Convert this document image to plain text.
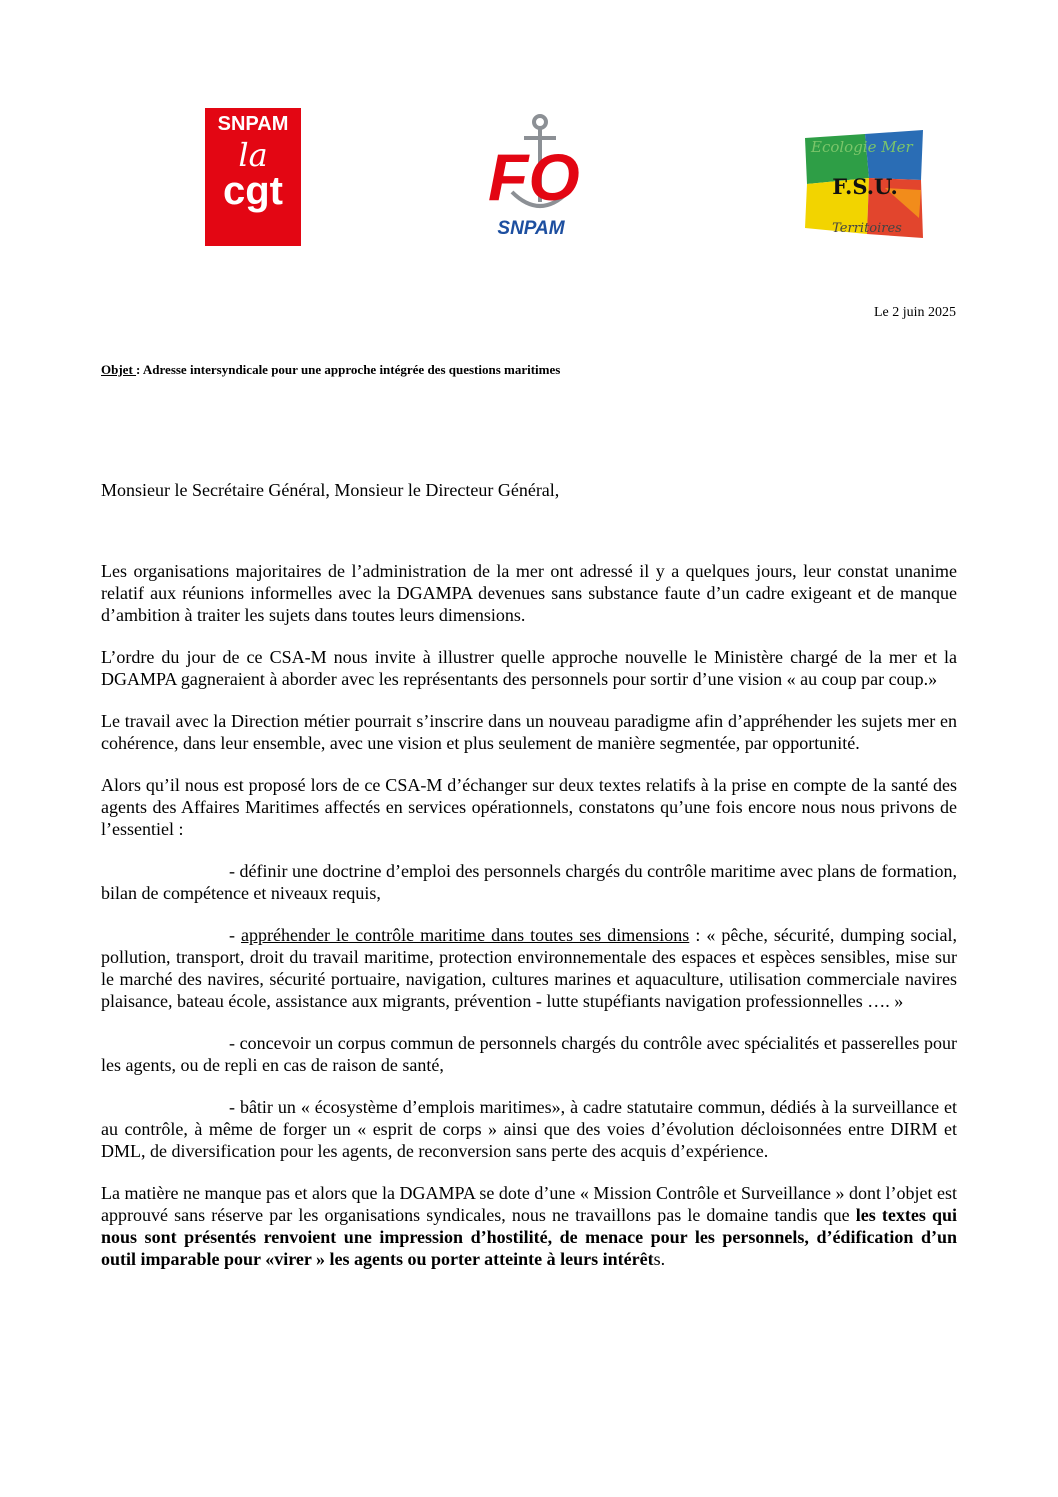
SNPAM
la
cgt	FO
SNPAM
Ecologie Mer
F.S.U.
Territoires
Le 2 juin 2025
Objet : Adresse intersyndicale pour une approche intégrée des questions maritimes
Monsieur le Secrétaire Général, Monsieur le Directeur Général,

Les organisations majoritaires de l’administration de la mer ont adressé il y a quelques jours, leur constat unanime relatif aux réunions informelles avec la DGAMPA devenues sans substance faute d’un cadre exigeant et de manque d’ambition à traiter les sujets dans toutes leurs dimensions.

L’ordre du jour de ce CSA-M nous invite à illustrer quelle approche nouvelle le Ministère chargé de la mer et la DGAMPA gagneraient à aborder avec les représentants des personnels pour sortir d’une vision « au coup par coup.»

Le travail avec la Direction métier pourrait s’inscrire dans un nouveau paradigme afin d’appréhender les sujets mer en cohérence, dans leur ensemble, avec une vision et plus seulement de manière segmentée, par opportunité.

Alors qu’il nous est proposé lors de ce CSA-M d’échanger sur deux textes relatifs à la prise en compte de la santé des agents des Affaires Maritimes affectés en services opérationnels, constatons qu’une fois encore nous nous privons de l’essentiel :

- définir une doctrine d’emploi des personnels chargés du contrôle maritime avec plans de formation, bilan de compétence et niveaux requis,

- appréhender le contrôle maritime dans toutes ses dimensions : « pêche, sécurité, dumping social, pollution, transport, droit du travail maritime, protection environnementale des espaces et espèces sensibles, mise sur le marché des navires, sécurité portuaire, navigation, cultures marines et aquaculture, utilisation commerciale navires plaisance, bateau école, assistance aux migrants, prévention - lutte stupéfiants navigation professionnelles …. »

- concevoir un corpus commun de personnels chargés du contrôle avec spécialités et passerelles pour les agents, ou de repli en cas de raison de santé,

- bâtir un « écosystème d’emplois maritimes», à cadre statutaire commun, dédiés à la surveillance et au contrôle, à même de forger un « esprit de corps » ainsi que des voies d’évolution décloisonnées entre DIRM et DML, de diversification pour les agents, de reconversion sans perte des acquis d’expérience.

La matière ne manque pas et alors que la DGAMPA se dote d’une « Mission Contrôle et Surveillance » dont l’objet est approuvé sans réserve par les organisations syndicales, nous ne travaillons pas le domaine tandis que les textes qui nous sont présentés renvoient une impression d’hostilité, de menace pour les personnels, d’édification d’un outil imparable pour «virer » les agents ou porter atteinte à leurs intérêts.
